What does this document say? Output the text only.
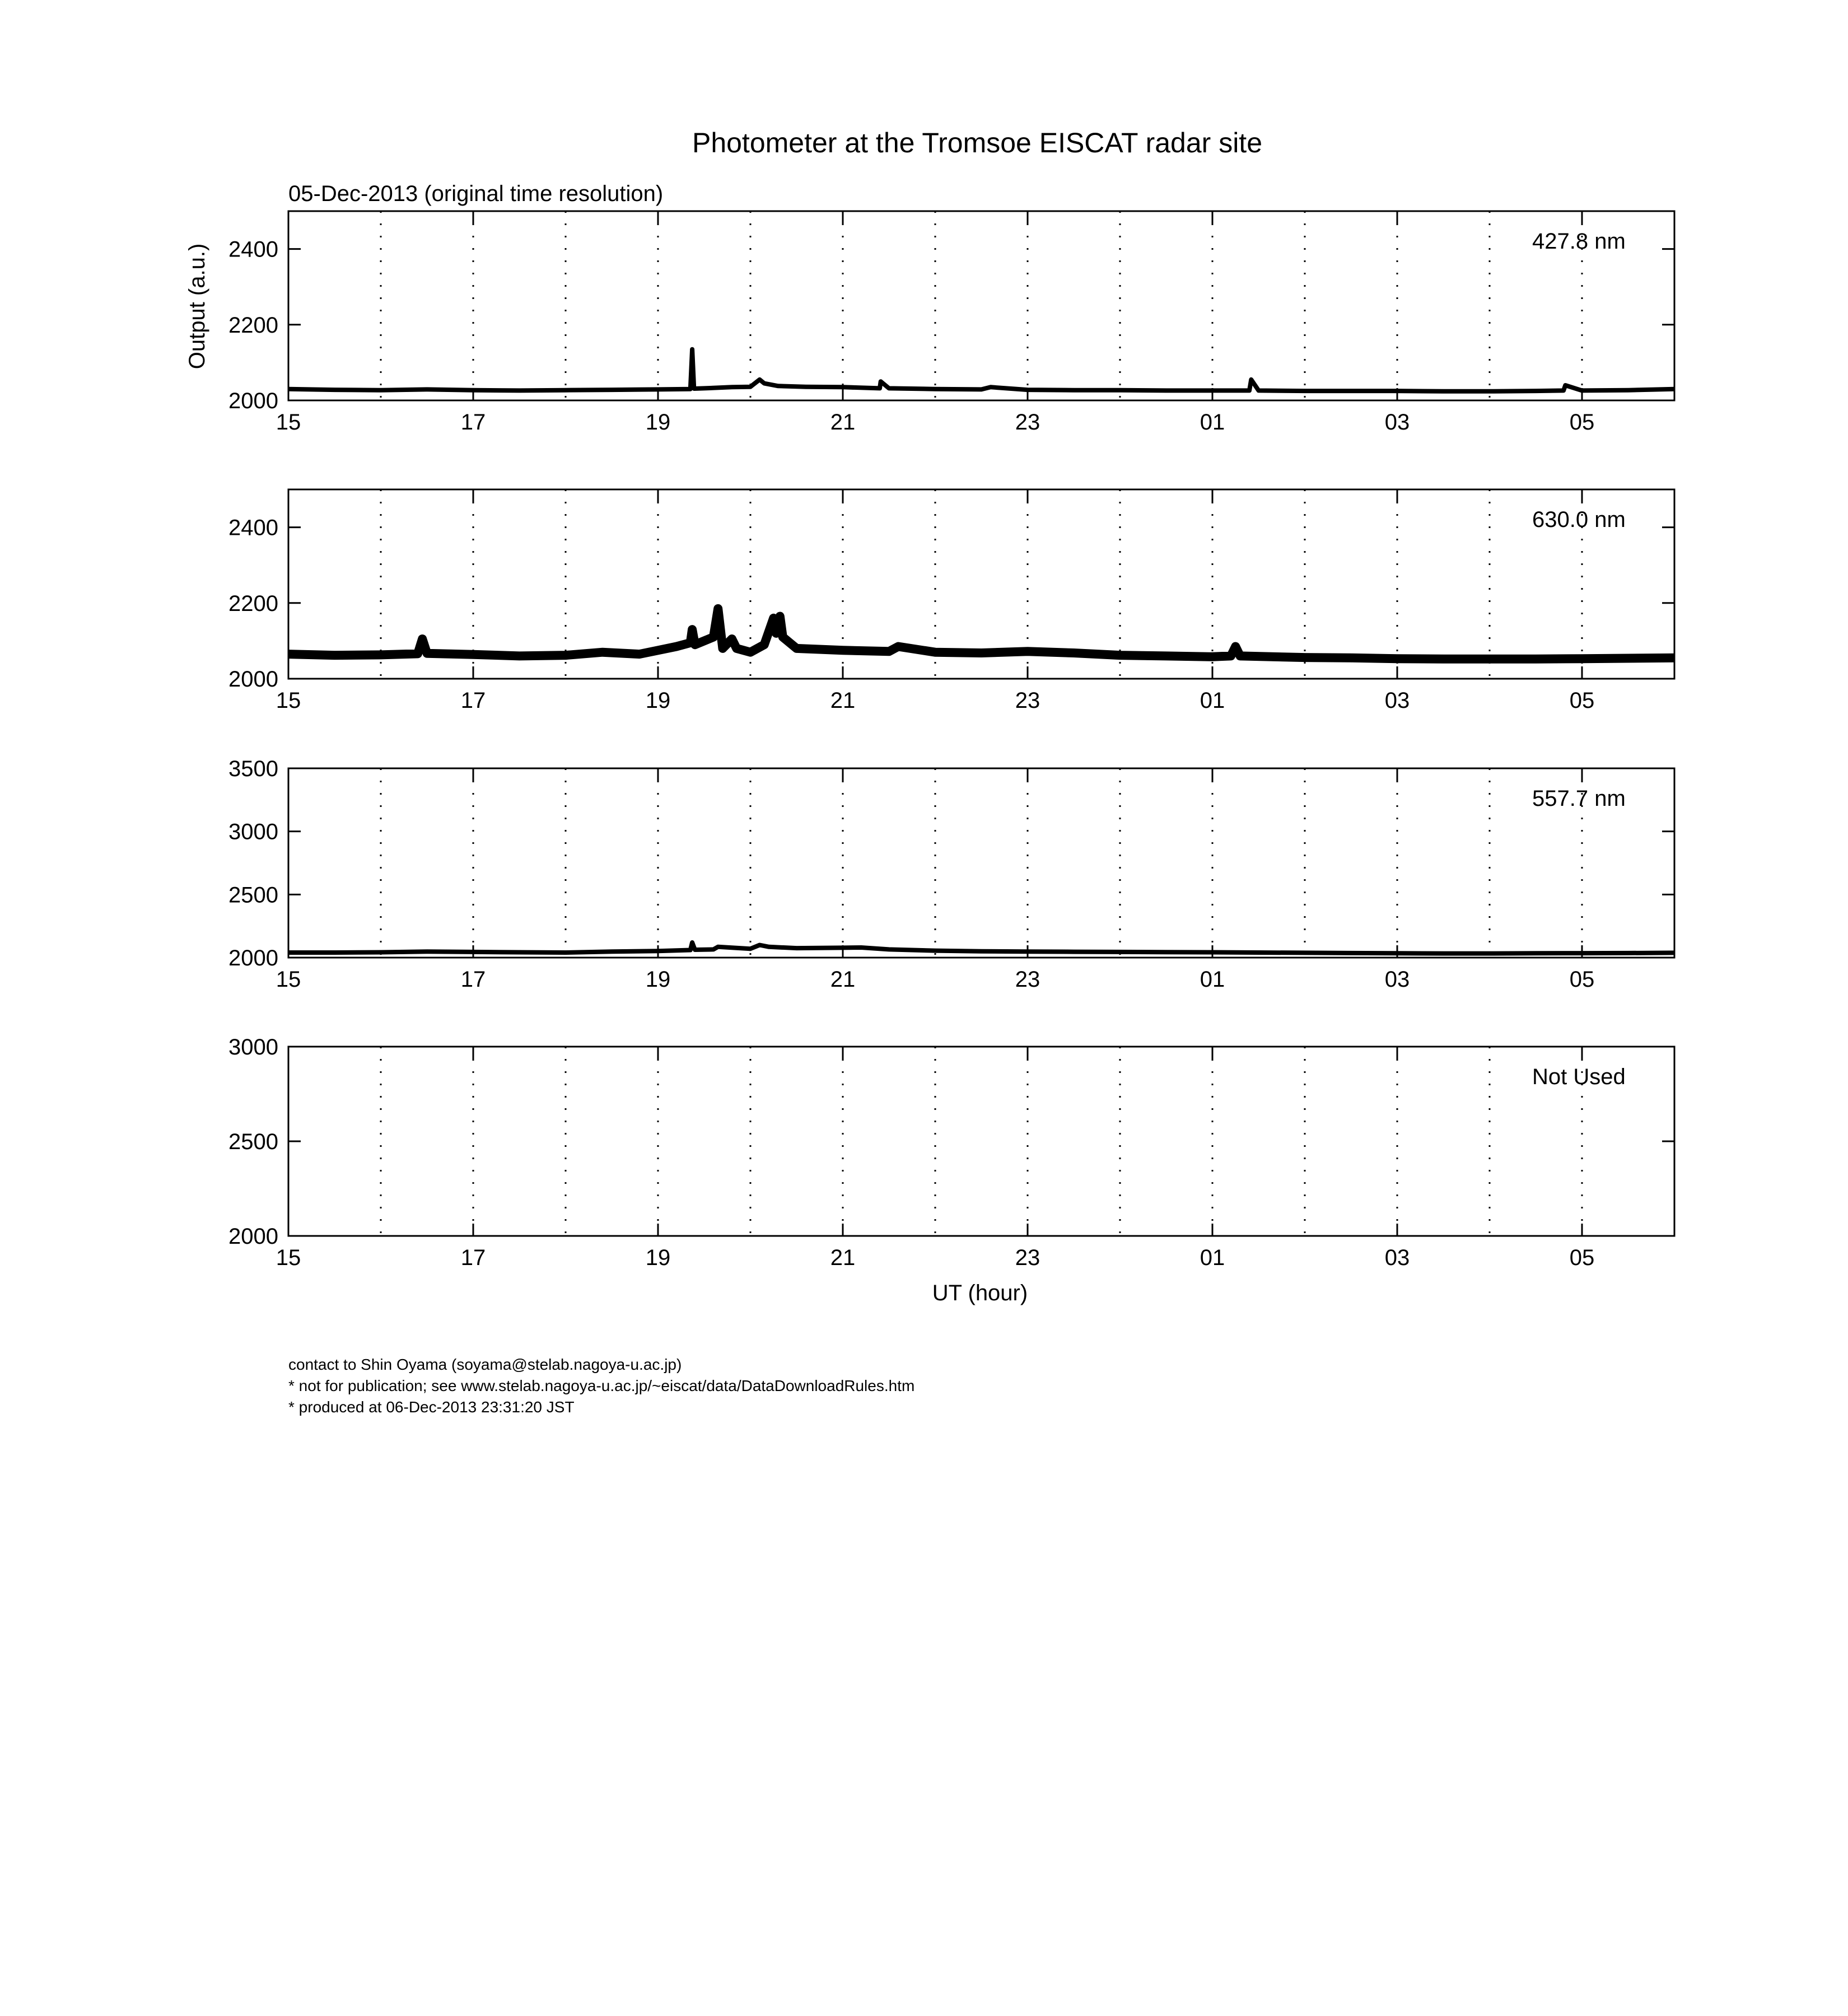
Photometer at the Tromsoe EISCAT radar site
05-Dec-2013 (original time resolution)
Output (a.u.)
UT (hour)
15	17	19	21	23	01	03	05
2000
2200
2400	427.8 nm
15	17	19	21	23	01	03	05
2000
2200
2400	630.0 nm
15	17	19	21	23	01	03	05
2000
2500
3000
3500
557.7 nm
15	17	19	21	23	01	03	05
2000
2500
3000
Not Used
contact to Shin Oyama (soyama@stelab.nagoya-u.ac.jp)
* not for publication; see www.stelab.nagoya-u.ac.jp/~eiscat/data/DataDownloadRules.htm
* produced at 06-Dec-2013 23:31:20 JST
